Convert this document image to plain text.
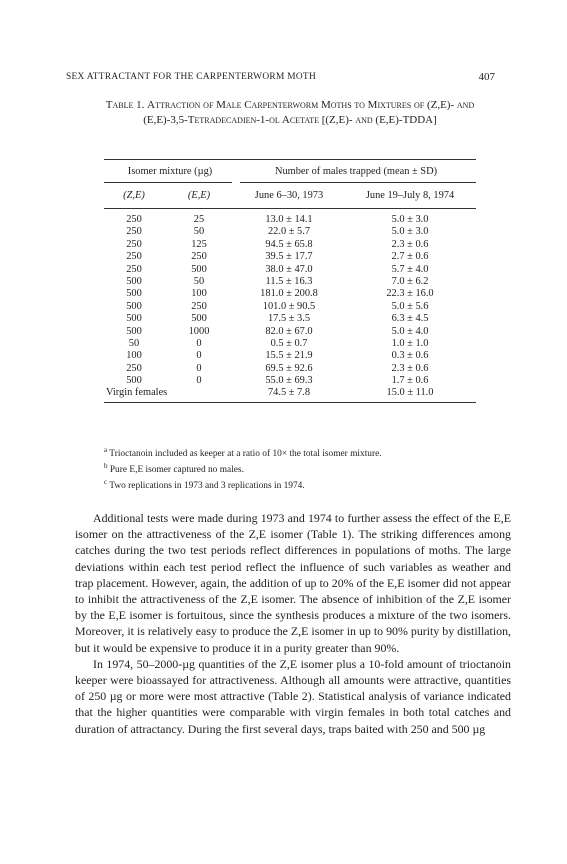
SEX ATTRACTANT FOR THE CARPENTERWORM MOTH	407
Table 1. Attraction of Male Carpenterworm Moths to Mixtures of (Z,E)- and (E,E)-3,5-Tetradecadien-1-ol Acetate [(Z,E)- and (E,E)-TDDA]
Isomer mixture (µg)	Number of males trapped (mean ± SD)
(Z,E)	(E,E)	June 6–30, 1973	June 19–July 8, 1974
250	25	13.0 ± 14.1	5.0 ± 3.0
250	50	22.0 ± 5.7	5.0 ± 3.0
250	125	94.5 ± 65.8	2.3 ± 0.6
250	250	39.5 ± 17.7	2.7 ± 0.6
250	500	38.0 ± 47.0	5.7 ± 4.0
500	50	11.5 ± 16.3	7.0 ± 6.2
500	100	181.0 ± 200.8	22.3 ± 16.0
500	250	101.0 ± 90.5	5.0 ± 5.6
500	500	17.5 ± 3.5	6.3 ± 4.5
500	1000	82.0 ± 67.0	5.0 ± 4.0
50	0	0.5 ± 0.7	1.0 ± 1.0
100	0	15.5 ± 21.9	0.3 ± 0.6
250	0	69.5 ± 92.6	2.3 ± 0.6
500	0	55.0 ± 69.3	1.7 ± 0.6
Virgin females	74.5 ± 7.8	15.0 ± 11.0
$^a$ Trioctanoin included as keeper at a ratio of 10× the total isomer mixture.
$^b$ Pure E,E isomer captured no males.
$^c$ Two replications in 1973 and 3 replications in 1974.

Additional tests were made during 1973 and 1974 to further assess the effect of the E,E isomer on the attractiveness of the Z,E isomer (Table 1). The striking differences among catches during the two test periods reflect differences in populations of moths. The large deviations within each test period reflect the influence of such variables as weather and trap placement. However, again, the addition of up to 20% of the E,E isomer did not appear to inhibit the attractiveness of the Z,E isomer. The absence of inhibition of the Z,E isomer by the E,E isomer is fortuitous, since the synthesis produces a mixture of the two isomers. Moreover, it is relatively easy to produce the Z,E isomer in up to 90% purity by distillation, but it would be expensive to produce it in a purity greater than 90%.

In 1974, 50–2000-µg quantities of the Z,E isomer plus a 10-fold amount of trioctanoin keeper were bioassayed for attractiveness. Although all amounts were attractive, quantities of 250 µg or more were most attractive (Table 2). Statistical analysis of variance indicated that the higher quantities were comparable with virgin females in both total catches and duration of attractancy. During the first several days, traps baited with 250 and 500 µg
